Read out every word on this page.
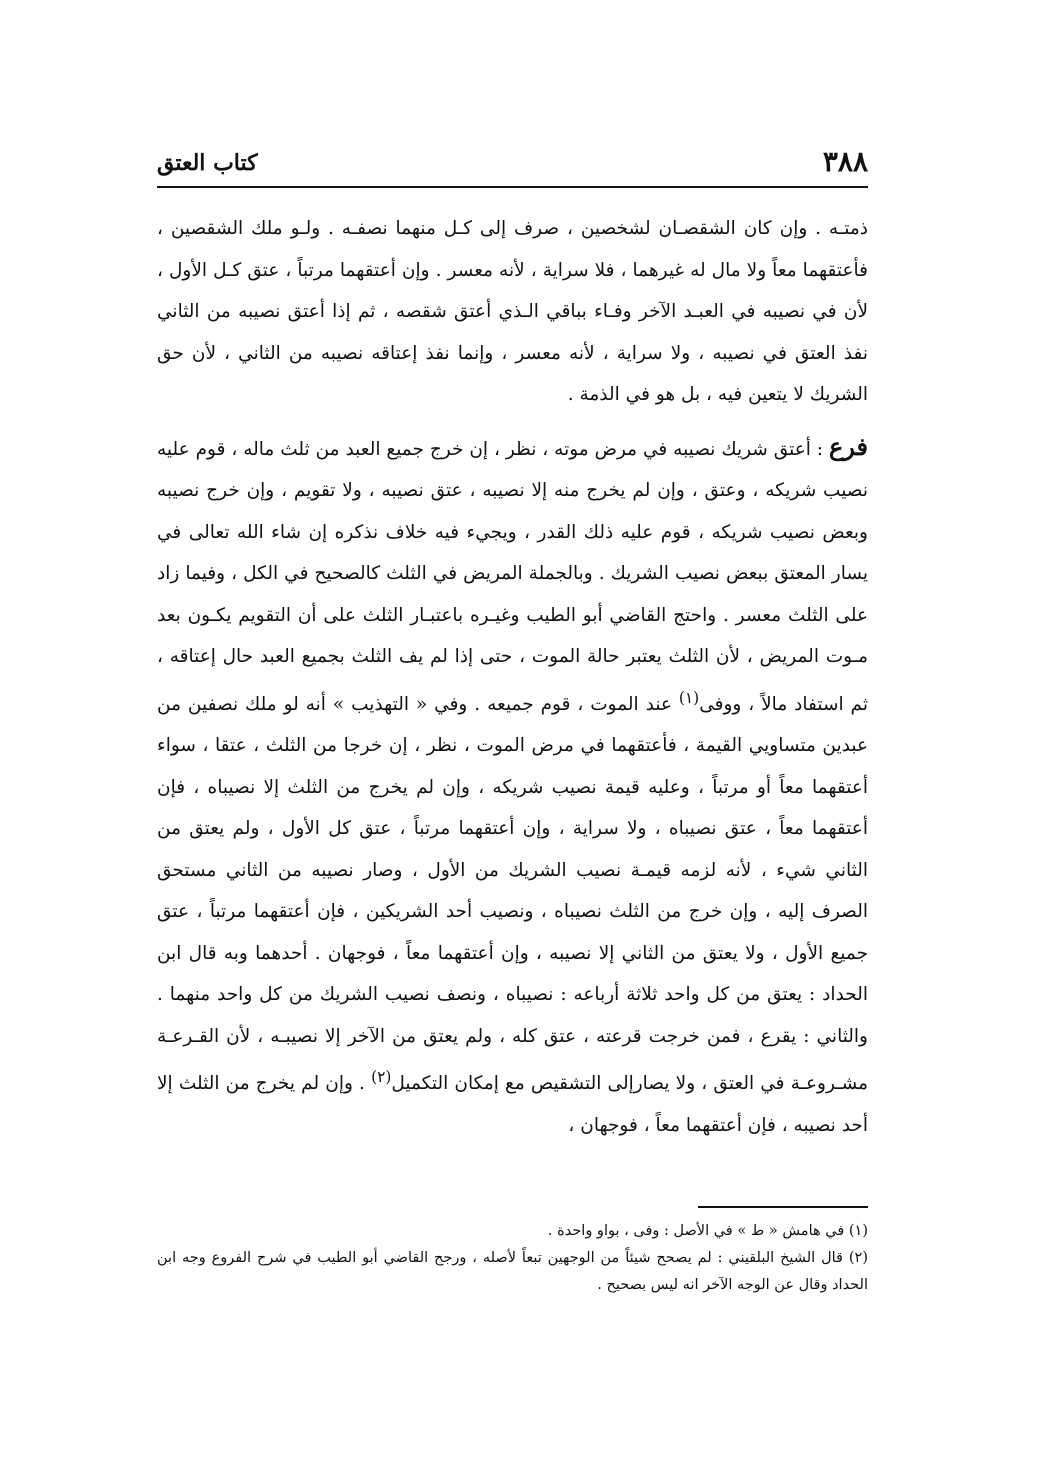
٣٨٨
كتاب العتق

ذمتـه . وإن كان الشقصـان لشخصين ، صرف إلى كـل منهما نصفـه . ولـو ملك الشقصين ، فأعتقهما معاً ولا مال له غيرهما ، فلا سراية ، لأنه معسر . وإن أعتقهما مرتباً ، عتق كـل الأول ، لأن في نصيبه في العبـد الآخر وفـاء بباقي الـذي أعتق شقصه ، ثم إذا أعتق نصيبه من الثاني نفذ العتق في نصيبه ، ولا سراية ، لأنه معسر ، وإنما نفذ إعتاقه نصيبه من الثاني ، لأن حق الشريك لا يتعين فيه ، بل هو في الذمة .

فرع : أعتق شريك نصيبه في مرض موته ، نظر ، إن خرج جميع العبد من ثلث ماله ، قوم عليه نصيب شريكه ، وعتق ، وإن لم يخرج منه إلا نصيبه ، عتق نصيبه ، ولا تقويم ، وإن خرج نصيبه وبعض نصيب شريكه ، قوم عليه ذلك القدر ، ويجيء فيه خلاف نذكره إن شاء الله تعالى في يسار المعتق ببعض نصيب الشريك . وبالجملة المريض في الثلث كالصحيح في الكل ، وفيما زاد على الثلث معسر . واحتج القاضي أبو الطيب وغيـره باعتبـار الثلث على أن التقويم يكـون بعد مـوت المريض ، لأن الثلث يعتبر حالة الموت ، حتى إذا لم يف الثلث بجميع العبد حال إعتاقه ، ثم استفاد مالاً ، ووفى$^{(١)}$ عند الموت ، قوم جميعه . وفي « التهذيب » أنه لو ملك نصفين من عبدين متساويي القيمة ، فأعتقهما في مرض الموت ، نظر ، إن خرجا من الثلث ، عتقا ، سواء أعتقهما معاً أو مرتباً ، وعليه قيمة نصيب شريكه ، وإن لم يخرج من الثلث إلا نصيباه ، فإن أعتقهما معاً ، عتق نصيباه ، ولا سراية ، وإن أعتقهما مرتباً ، عتق كل الأول ، ولم يعتق من الثاني شيء ، لأنه لزمه قيمـة نصيب الشريك من الأول ، وصار نصيبه من الثاني مستحق الصرف إليه ، وإن خرج من الثلث نصيباه ، ونصيب أحد الشريكين ، فإن أعتقهما مرتباً ، عتق جميع الأول ، ولا يعتق من الثاني إلا نصيبه ، وإن أعتقهما معاً ، فوجهان . أحدهما وبه قال ابن الحداد : يعتق من كل واحد ثلاثة أرباعه : نصيباه ، ونصف نصيب الشريك من كل واحد منهما . والثاني : يقرع ، فمن خرجت قرعته ، عتق كله ، ولم يعتق من الآخر إلا نصيبـه ، لأن القـرعـة مشـروعـة في العتق ، ولا يصارإلى التشقيص مع إمكان التكميل$^{(٢)}$ . وإن لم يخرج من الثلث إلا أحد نصيبه ، فإن أعتقهما معاً ، فوجهان ،

(١) في هامش « ط » في الأصل : وفى ، بواو واحدة .

(٢) قال الشيخ البلقيني : لم يصحح شيئاً من الوجهين تبعاً لأصله ، ورجح القاضي أبو الطيب في شرح الفروع وجه ابن الحداد وقال عن الوجه الآخر انه ليس بصحيح .
